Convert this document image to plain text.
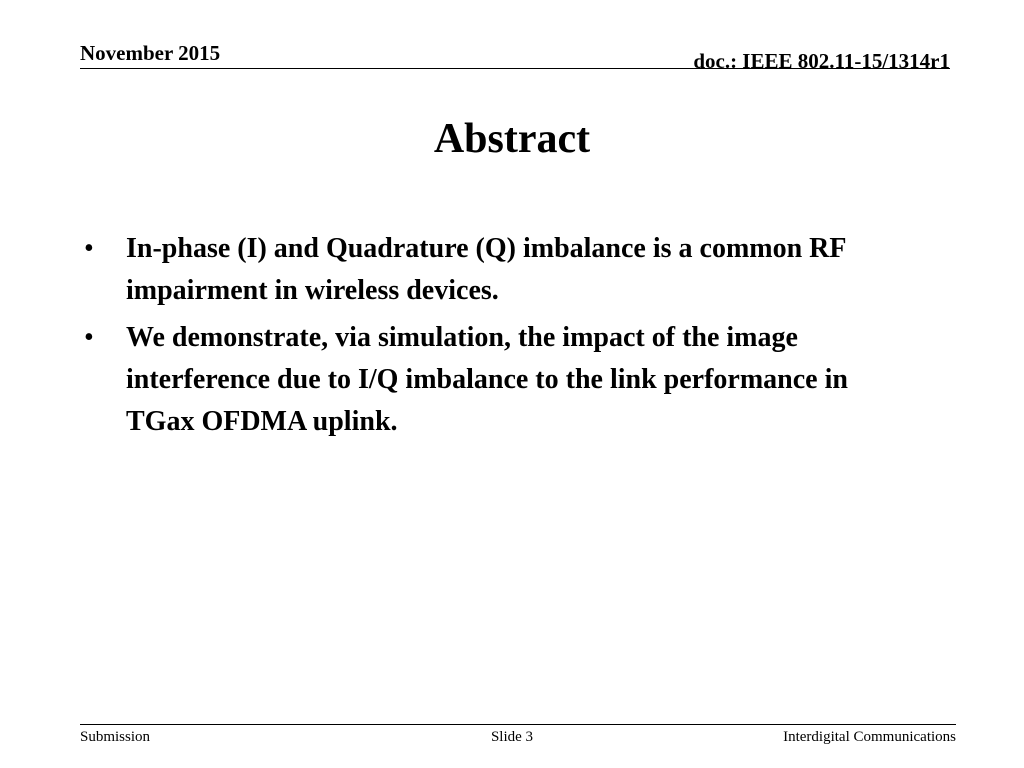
November 2015	doc.: IEEE 802.11-15/1314r1
Abstract
•	In-phase (I) and Quadrature (Q) imbalance is a common RF impairment in wireless devices.
•	We demonstrate, via simulation, the impact of the image interference due to I/Q imbalance to the link performance in TGax OFDMA uplink.
Submission	Slide 3	Interdigital Communications
